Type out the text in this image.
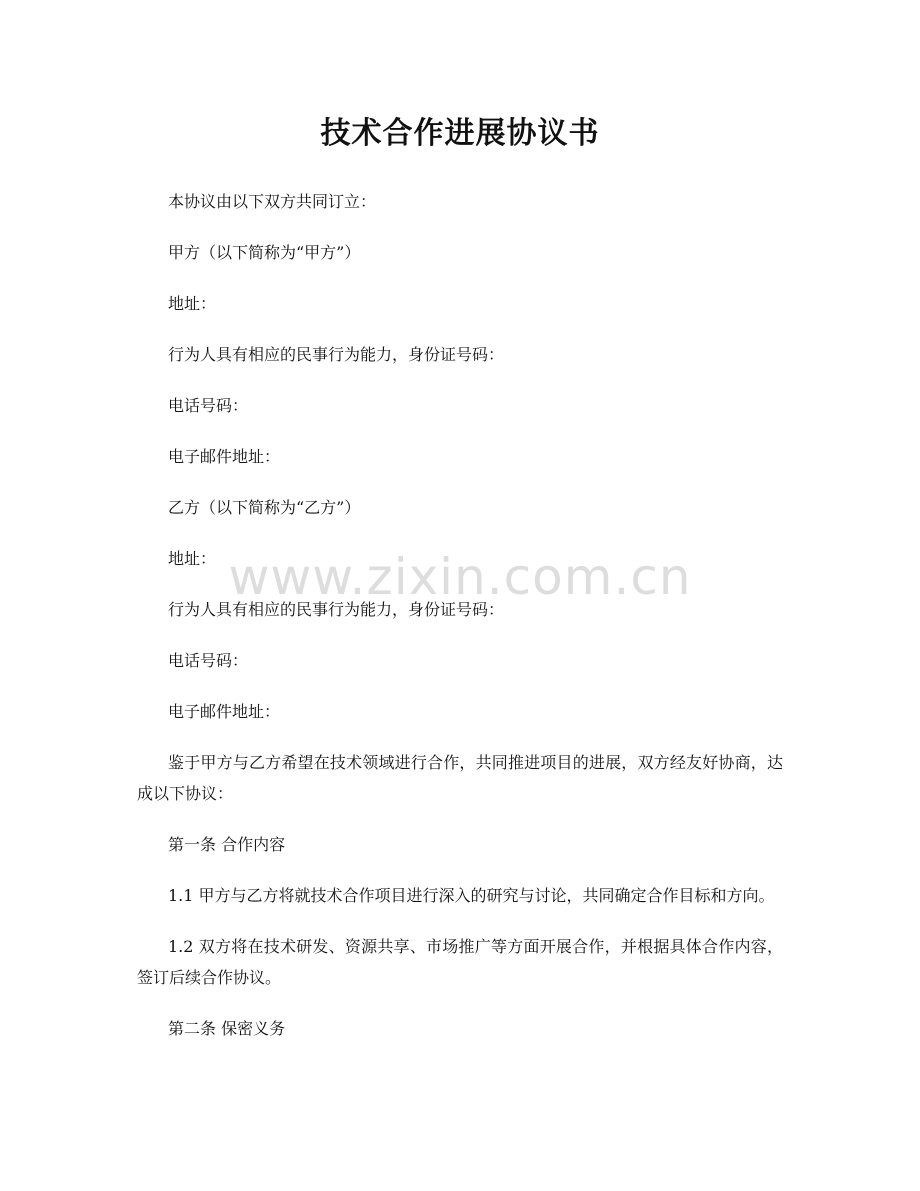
技术合作进展协议书

本协议由以下双方共同订立：

甲方（以下简称为“甲方”）

地址：

行为人具有相应的民事行为能力，身份证号码：

电话号码：

电子邮件地址：

乙方（以下简称为“乙方”）

地址：

行为人具有相应的民事行为能力，身份证号码：

电话号码：

电子邮件地址：

鉴于甲方与乙方希望在技术领域进行合作，共同推进项目的进展，双方经友好协商，达成以下协议：

第一条 合作内容

1.1 甲方与乙方将就技术合作项目进行深入的研究与讨论，共同确定合作目标和方向。

1.2 双方将在技术研发、资源共享、市场推广等方面开展合作，并根据具体合作内容，签订后续合作协议。

第二条 保密义务

www.zixin.com.cn
